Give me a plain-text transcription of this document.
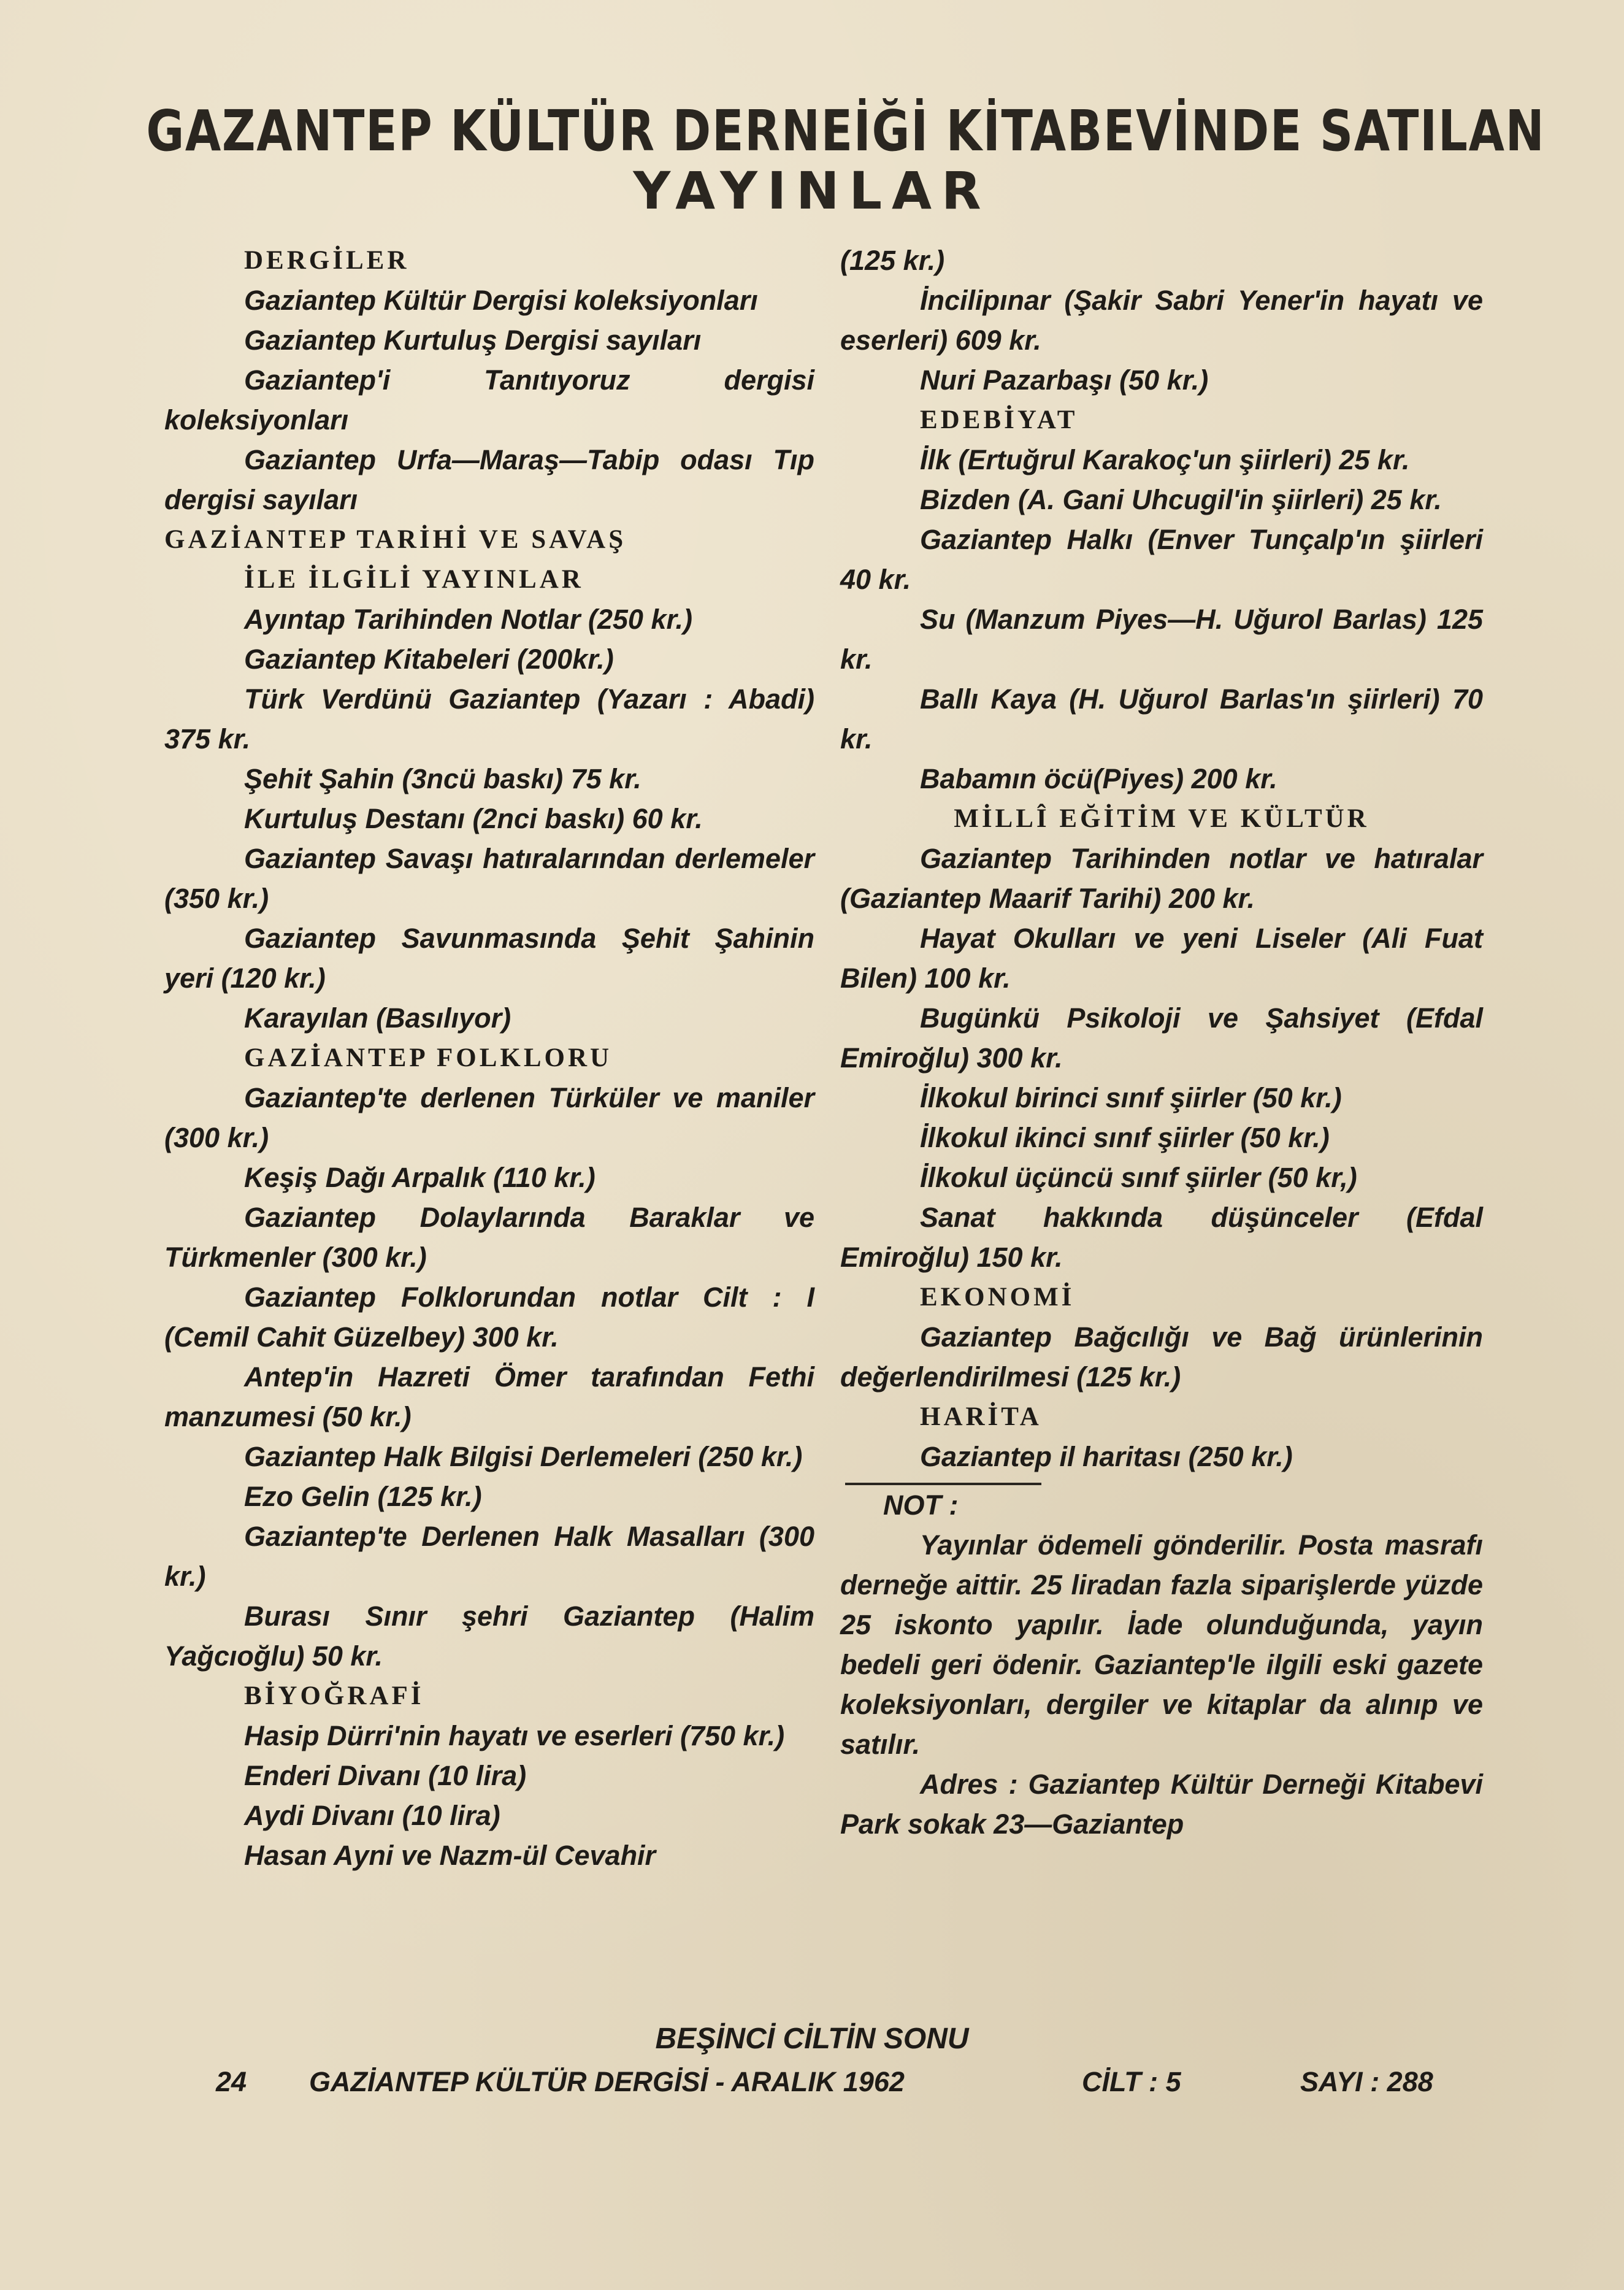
GAZANTEP KÜLTÜR DERNEİĞİ KİTABEVİNDE SATILAN
YAYINLAR

DERGİLER

Gaziantep Kültür Dergisi koleksiyonları

Gaziantep Kurtuluş Dergisi sayıları

Gaziantep'i Tanıtıyoruz dergisi koleksiyonları

Gaziantep Urfa—Maraş—Tabip odası Tıp dergisi sayıları

GAZİANTEP TARİHİ VE SAVAŞ

İLE İLGİLİ YAYINLAR

Ayıntap Tarihinden Notlar (250 kr.)

Gaziantep Kitabeleri (200kr.)

Türk Verdünü Gaziantep (Yazarı : Abadi) 375 kr.

Şehit Şahin (3ncü baskı) 75 kr.

Kurtuluş Destanı (2nci baskı) 60 kr.

Gaziantep Savaşı hatıralarından derlemeler (350 kr.)

Gaziantep Savunmasında Şehit Şahinin yeri (120 kr.)

Karayılan (Basılıyor)

GAZİANTEP FOLKLORU

Gaziantep'te derlenen Türküler ve maniler (300 kr.)

Keşiş Dağı Arpalık (110 kr.)

Gaziantep Dolaylarında Baraklar ve Türkmenler (300 kr.)

Gaziantep Folklorundan notlar Cilt : I (Cemil Cahit Güzelbey) 300 kr.

Antep'in Hazreti Ömer tarafından Fethi manzumesi (50 kr.)

Gaziantep Halk Bilgisi Derlemeleri (250 kr.)

Ezo Gelin (125 kr.)

Gaziantep'te Derlenen Halk Masalları (300 kr.)

Burası Sınır şehri Gaziantep (Halim Yağcıoğlu) 50 kr.

BİYOĞRAFİ

Hasip Dürri'nin hayatı ve eserleri (750 kr.)

Enderi Divanı (10 lira)

Aydi Divanı (10 lira)

Hasan Ayni ve Nazm-ül Cevahir

(125 kr.)

İncilipınar (Şakir Sabri Yener'in hayatı ve eserleri) 609 kr.

Nuri Pazarbaşı (50 kr.)

EDEBİYAT

İlk (Ertuğrul Karakoç'un şiirleri) 25 kr.

Bizden (A. Gani Uhcugil'in şiirleri) 25 kr.

Gaziantep Halkı (Enver Tunçalp'ın şiirleri 40 kr.

Su (Manzum Piyes—H. Uğurol Barlas) 125 kr.

Ballı Kaya (H. Uğurol Barlas'ın şiirleri) 70 kr.

Babamın öcü(Piyes) 200 kr.

MİLLÎ EĞİTİM VE KÜLTÜR

Gaziantep Tarihinden notlar ve hatıralar (Gaziantep Maarif Tarihi) 200 kr.

Hayat Okulları ve yeni Liseler (Ali Fuat Bilen) 100 kr.

Bugünkü Psikoloji ve Şahsiyet (Efdal Emiroğlu) 300 kr.

İlkokul birinci sınıf şiirler (50 kr.)

İlkokul ikinci sınıf şiirler (50 kr.)

İlkokul üçüncü sınıf şiirler (50 kr,)

Sanat hakkında düşünceler (Efdal Emiroğlu) 150 kr.

EKONOMİ

Gaziantep Bağcılığı ve Bağ ürünlerinin değerlendirilmesi (125 kr.)

HARİTA

Gaziantep il haritası (250 kr.)

NOT :

Yayınlar ödemeli gönderilir. Posta masrafı derneğe aittir. 25 liradan fazla siparişlerde yüzde 25 iskonto yapılır. İade olunduğunda, yayın bedeli geri ödenir. Gaziantep'le ilgili eski gazete koleksiyonları, dergiler ve kitaplar da alınıp ve satılır.

Adres : Gaziantep Kültür Derneği Kitabevi Park sokak 23—Gaziantep

BEŞİNCİ CİLTİN SONU
24 GAZİANTEP KÜLTÜR DERGİSİ - ARALIK 1962	CİLT : 5	SAYI : 288
